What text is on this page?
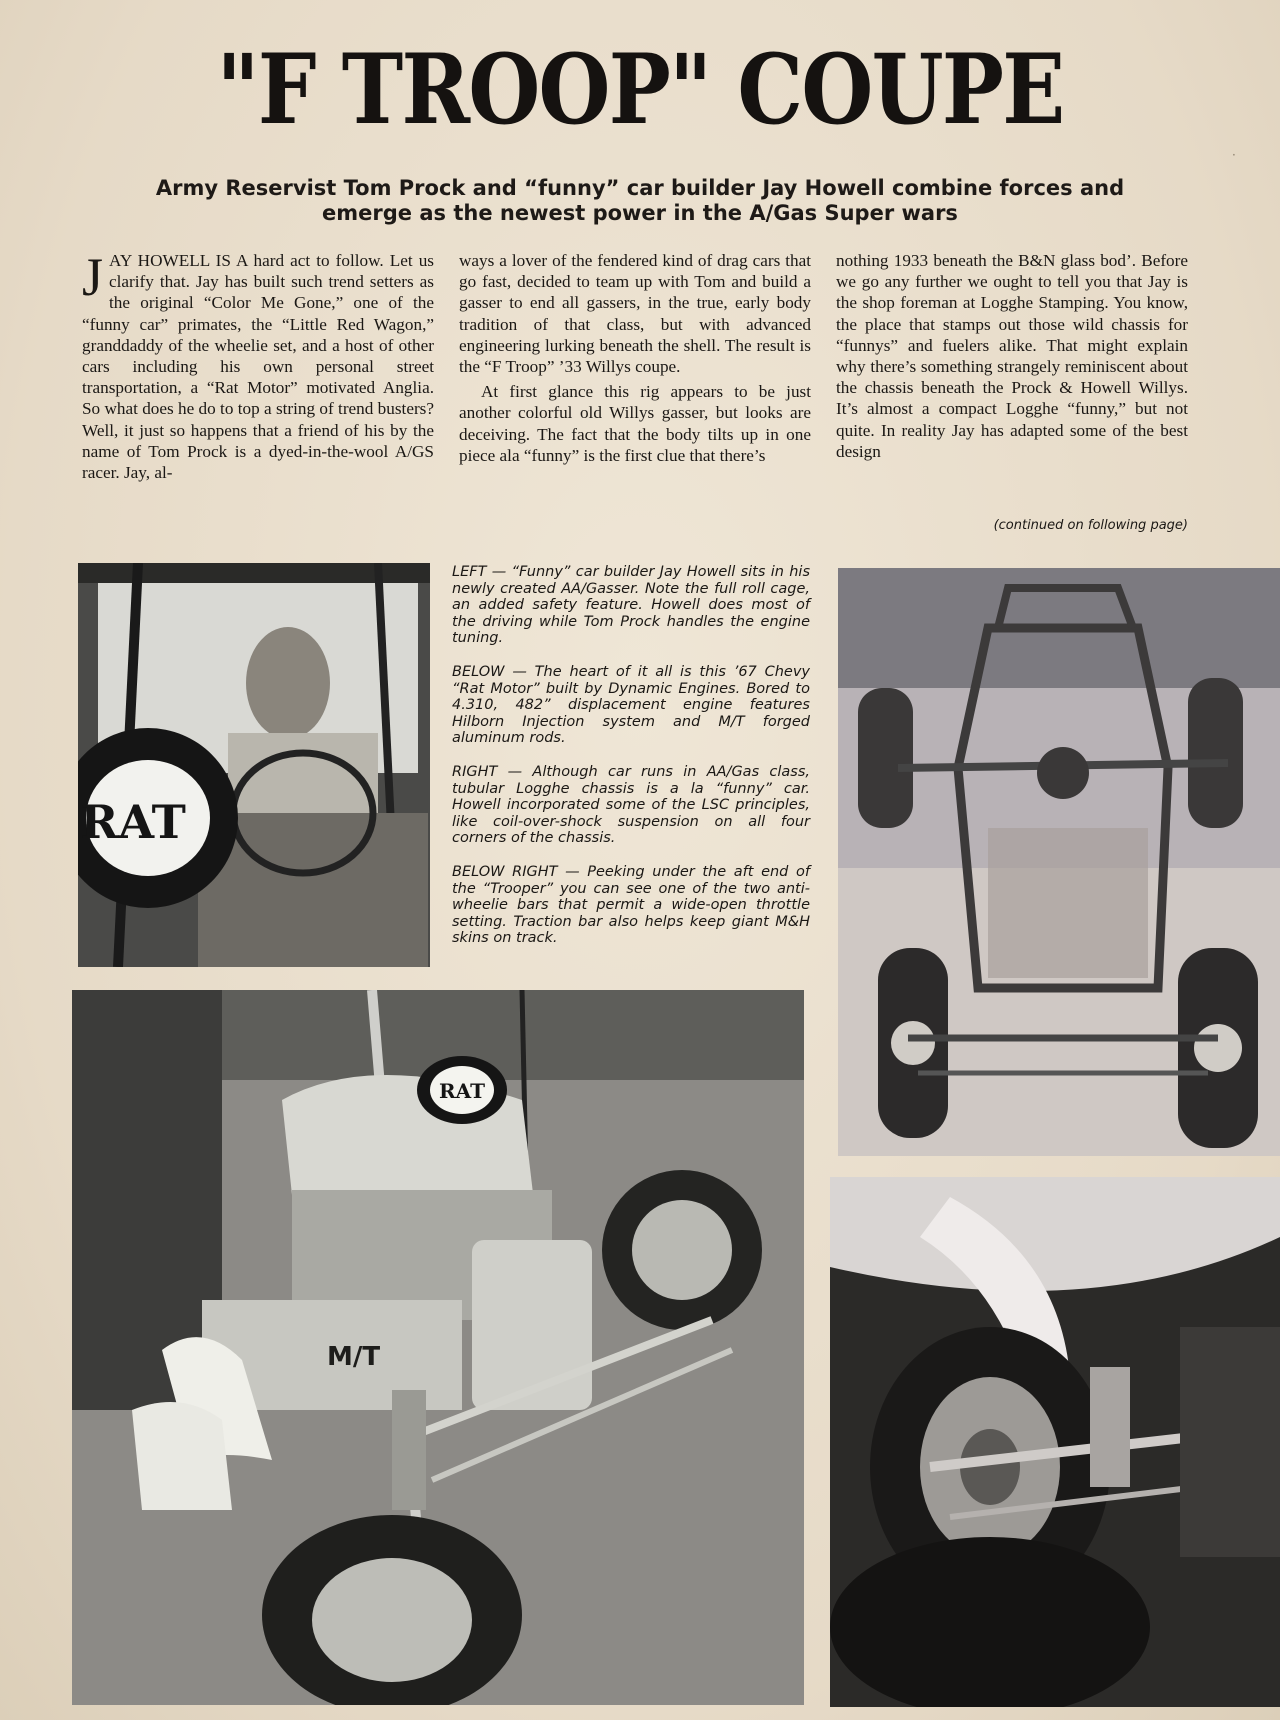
"F TROOP" COUPE
Army Reservist Tom Prock and “funny” car builder Jay Howell combine forces and emerge as the newest power in the A/Gas Super wars

JAY HOWELL IS A hard act to follow. Let us clarify that. Jay has built such trend setters as the original “Color Me Gone,” one of the “funny car” primates, the “Little Red Wagon,” granddaddy of the wheelie set, and a host of other cars including his own personal street transportation, a “Rat Motor” motivated Anglia. So what does he do to top a string of trend busters? Well, it just so happens that a friend of his by the name of Tom Prock is a dyed-in-the-wool A/GS racer. Jay, al-

ways a lover of the fendered kind of drag cars that go fast, decided to team up with Tom and build a gasser to end all gassers, in the true, early body tradition of that class, but with advanced engineering lurking beneath the shell. The result is the “F Troop” ’33 Willys coupe.

At first glance this rig appears to be just another colorful old Willys gasser, but looks are deceiving. The fact that the body tilts up in one piece ala “funny” is the first clue that there’s

nothing 1933 beneath the B&N glass bod’. Before we go any further we ought to tell you that Jay is the shop foreman at Logghe Stamping. You know, the place that stamps out those wild chassis for “funnys” and fuelers alike. That might explain why there’s something strangely reminiscent about the chassis beneath the Prock & Howell Willys. It’s almost a compact Logghe “funny,” but not quite. In reality Jay has adapted some of the best design

(continued on following page)

LEFT — “Funny” car builder Jay Howell sits in his newly created AA/Gasser. Note the full roll cage, an added safety feature. Howell does most of the driving while Tom Prock handles the engine tuning.

BELOW — The heart of it all is this ’67 Chevy “Rat Motor” built by Dynamic Engines. Bored to 4.310, 482” displacement engine features Hilborn Injection system and M/T forged aluminum rods.

RIGHT — Although car runs in AA/Gas class, tubular Logghe chassis is a la “funny” car. Howell incorporated some of the LSC principles, like coil-over-shock suspension on all four corners of the chassis.

BELOW RIGHT — Peeking under the aft end of the “Trooper” you can see one of the two anti-wheelie bars that permit a wide-open throttle setting. Traction bar also helps keep giant M&H skins on track.

RAT
M/T
RAT
·
